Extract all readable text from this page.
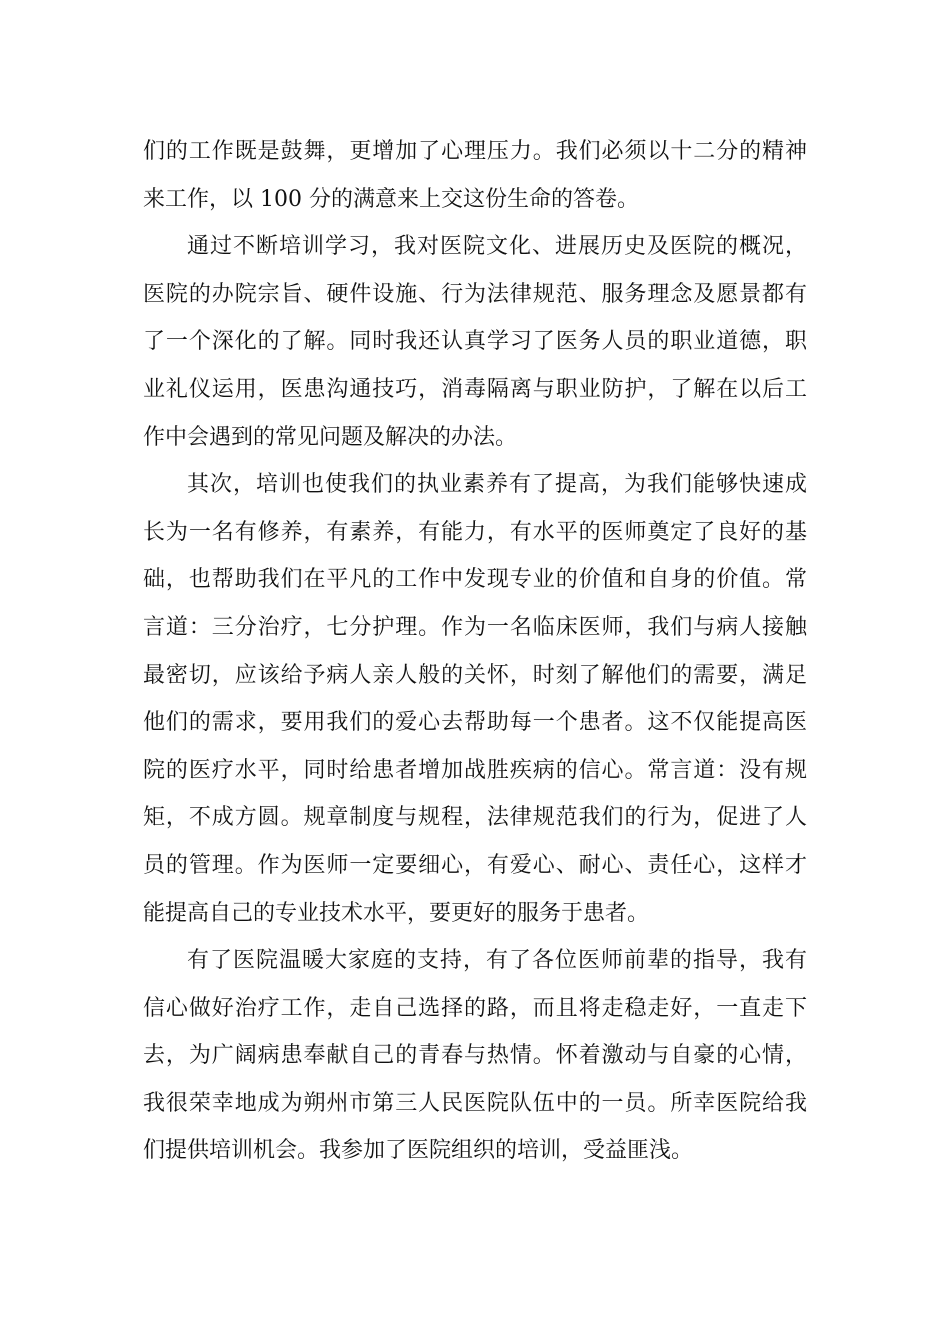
们的工作既是鼓舞，更增加了心理压力。我们必须以十二分的精神
来工作，以 100 分的满意来上交这份生命的答卷。
通过不断培训学习，我对医院文化、进展历史及医院的概况，
医院的办院宗旨、硬件设施、行为法律规范、服务理念及愿景都有
了一个深化的了解。同时我还认真学习了医务人员的职业道德，职
业礼仪运用，医患沟通技巧，消毒隔离与职业防护，了解在以后工
作中会遇到的常见问题及解决的办法。
其次，培训也使我们的执业素养有了提高，为我们能够快速成
长为一名有修养，有素养，有能力，有水平的医师奠定了良好的基
础，也帮助我们在平凡的工作中发现专业的价值和自身的价值。常
言道：三分治疗，七分护理。作为一名临床医师，我们与病人接触
最密切，应该给予病人亲人般的关怀，时刻了解他们的需要，满足
他们的需求，要用我们的爱心去帮助每一个患者。这不仅能提高医
院的医疗水平，同时给患者增加战胜疾病的信心。常言道：没有规
矩，不成方圆。规章制度与规程，法律规范我们的行为，促进了人
员的管理。作为医师一定要细心，有爱心、耐心、责任心，这样才
能提高自己的专业技术水平，要更好的服务于患者。
有了医院温暖大家庭的支持，有了各位医师前辈的指导，我有
信心做好治疗工作，走自己选择的路，而且将走稳走好，一直走下
去，为广阔病患奉献自己的青春与热情。怀着激动与自豪的心情，
我很荣幸地成为朔州市第三人民医院队伍中的一员。所幸医院给我
们提供培训机会。我参加了医院组织的培训，受益匪浅。
